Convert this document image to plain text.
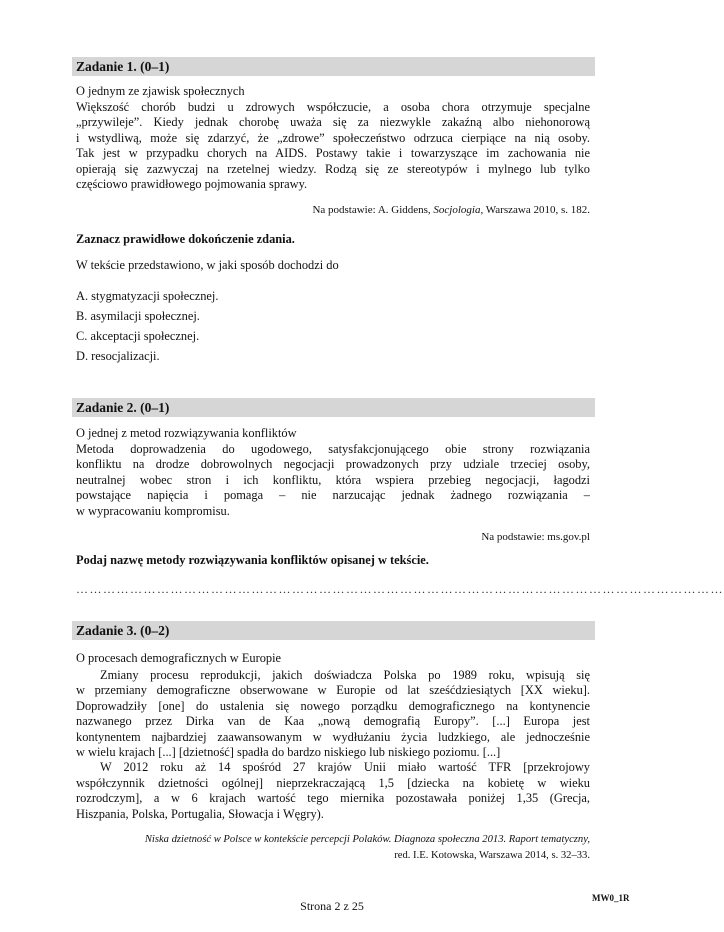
Zadanie 1. (0–1)
O jednym ze zjawisk społecznych
Większość chorób budzi u zdrowych współczucie, a osoba chora otrzymuje specjalne
„przywileje”. Kiedy jednak chorobę uważa się za niezwykle zakaźną albo niehonorową
i wstydliwą, może się zdarzyć, że „zdrowe” społeczeństwo odrzuca cierpiące na nią osoby.
Tak jest w przypadku chorych na AIDS. Postawy takie i towarzyszące im zachowania nie
opierają się zazwyczaj na rzetelnej wiedzy. Rodzą się ze stereotypów i mylnego lub tylko
częściowo prawidłowego pojmowania sprawy.
Na podstawie: A. Giddens, Socjologia, Warszawa 2010, s. 182.
Zaznacz prawidłowe dokończenie zdania.
W tekście przedstawiono, w jaki sposób dochodzi do
A. stygmatyzacji społecznej.
B. asymilacji społecznej.
C. akceptacji społecznej.
D. resocjalizacji.
Zadanie 2. (0–1)
O jednej z metod rozwiązywania konfliktów
Metoda doprowadzenia do ugodowego, satysfakcjonującego obie strony rozwiązania
konfliktu na drodze dobrowolnych negocjacji prowadzonych przy udziale trzeciej osoby,
neutralnej wobec stron i ich konfliktu, która wspiera przebieg negocjacji, łagodzi
powstające napięcia i pomaga – nie narzucając jednak żadnego rozwiązania –
w wypracowaniu kompromisu.
Na podstawie: ms.gov.pl
Podaj nazwę metody rozwiązywania konfliktów opisanej w tekście.
………………………………………………………………………………………………………………………………
Zadanie 3. (0–2)
O procesach demograficznych w Europie
Zmiany procesu reprodukcji, jakich doświadcza Polska po 1989 roku, wpisują się
w przemiany demograficzne obserwowane w Europie od lat sześćdziesiątych [XX wieku].
Doprowadziły [one] do ustalenia się nowego porządku demograficznego na kontynencie
nazwanego przez Dirka van de Kaa „nową demografią Europy”. [...] Europa jest
kontynentem najbardziej zaawansowanym w wydłużaniu życia ludzkiego, ale jednocześnie
w wielu krajach [...] [dzietność] spadła do bardzo niskiego lub niskiego poziomu. [...]
W 2012 roku aż 14 spośród 27 krajów Unii miało wartość TFR [przekrojowy
współczynnik dzietności ogólnej] nieprzekraczającą 1,5 [dziecka na kobietę w wieku
rozrodczym], a w 6 krajach wartość tego miernika pozostawała poniżej 1,35 (Grecja,
Hiszpania, Polska, Portugalia, Słowacja i Węgry).
Niska dzietność w Polsce w kontekście percepcji Polaków. Diagnoza społeczna 2013. Raport tematyczny,
red. I.E. Kotowska, Warszawa 2014, s. 32–33.
Strona 2 z 25
MW0_1R
